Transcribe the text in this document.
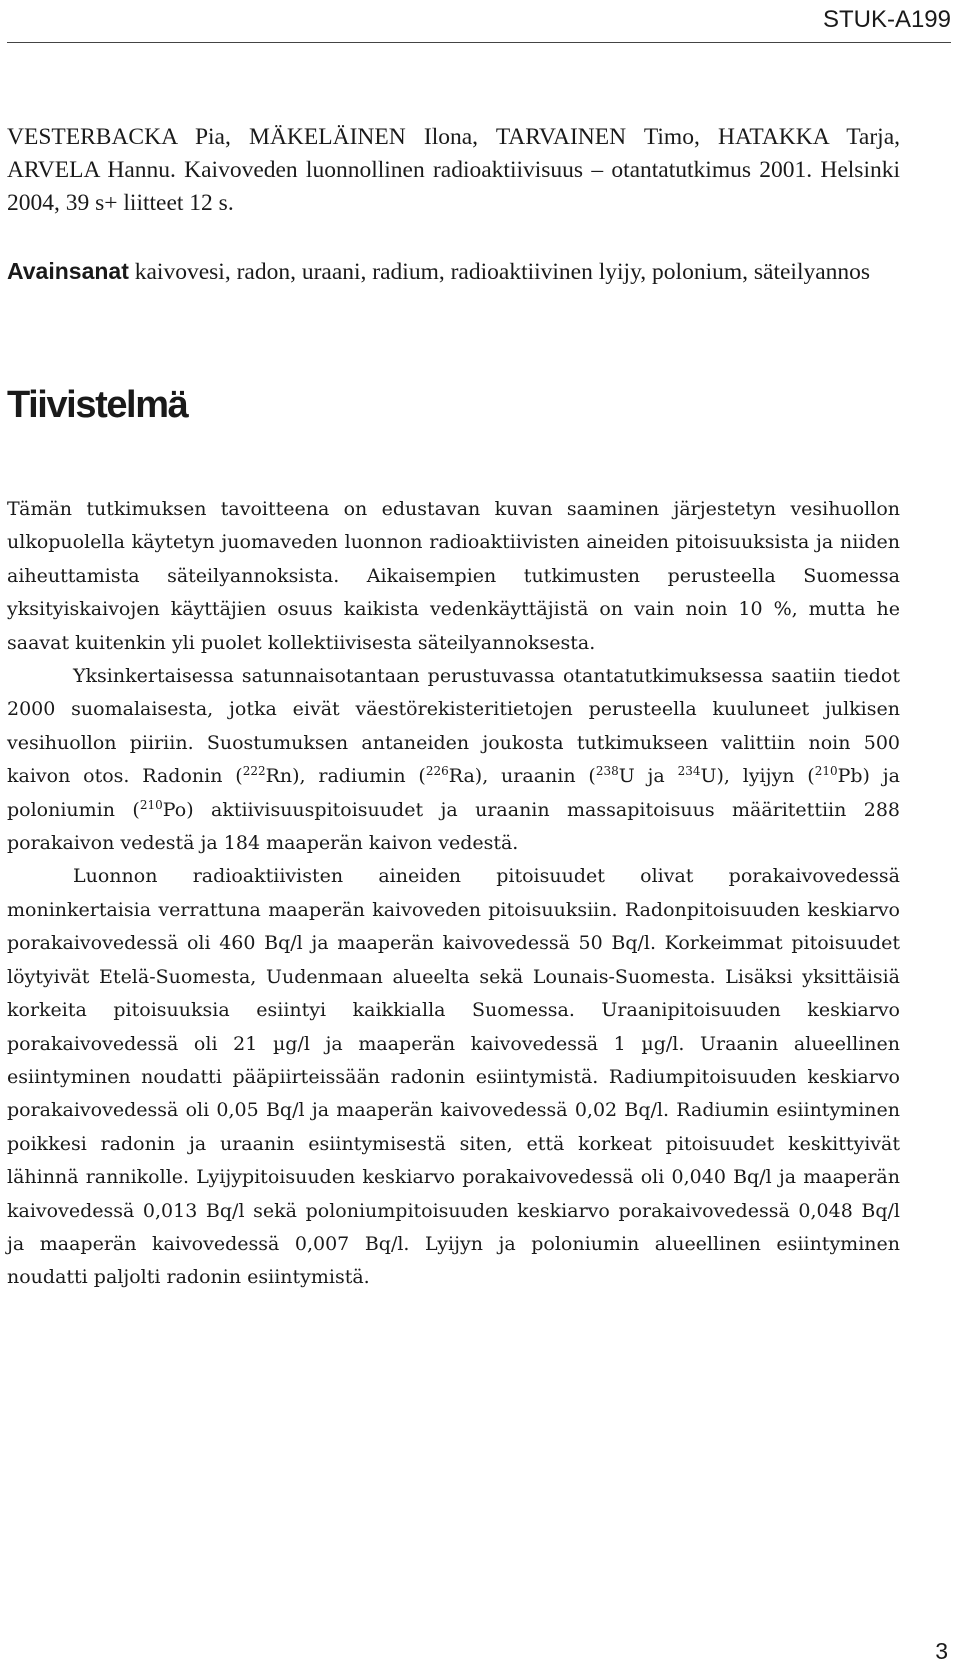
STUK-A199

VESTERBACKA Pia, MÄKELÄINEN Ilona, TARVAINEN Timo, HATAKKA Tarja, ARVELA Hannu. Kaivoveden luonnollinen radioaktiivisuus – otantatutkimus 2001. Helsinki 2004, 39 s+ liitteet 12 s.

Avainsanat kaivovesi, radon, uraani, radium, radioaktiivinen lyijy, polonium, säteilyannos

Tiivistelmä

Tämän tutkimuksen tavoitteena on edustavan kuvan saaminen järjestetyn vesihuollon ulkopuolella käytetyn juomaveden luonnon radioaktiivisten aineiden pitoisuuksista ja niiden aiheuttamista säteilyannoksista. Aikaisempien tutkimusten perusteella Suomessa yksityiskaivojen käyttäjien osuus kaikista vedenkäyttäjistä on vain noin 10 %, mutta he saavat kuitenkin yli puolet kollektiivisesta säteilyannoksesta.

Yksinkertaisessa satunnaisotantaan perustuvassa otantatutkimuksessa saatiin tiedot 2000 suomalaisesta, jotka eivät väestörekisteritietojen perusteella kuuluneet julkisen vesihuollon piiriin. Suostumuksen antaneiden joukosta tutkimukseen valittiin noin 500 kaivon otos. Radonin ($^{222}$Rn), radiumin ($^{226}$Ra), uraanin ($^{238}$U ja $^{234}$U), lyijyn ($^{210}$Pb) ja poloniumin ($^{210}$Po) aktiivisuuspitoisuudet ja uraanin massapitoisuus määritettiin 288 porakaivon vedestä ja 184 maaperän kaivon vedestä.

Luonnon radioaktiivisten aineiden pitoisuudet olivat porakaivovedessä moninkertaisia verrattuna maaperän kaivoveden pitoisuuksiin. Radonpitoisuuden keskiarvo porakaivovedessä oli 460 Bq/l ja maaperän kaivovedessä 50 Bq/l. Korkeimmat pitoisuudet löytyivät Etelä-Suomesta, Uudenmaan alueelta sekä Lounais-Suomesta. Lisäksi yksittäisiä korkeita pitoisuuksia esiintyi kaikkialla Suomessa. Uraanipitoisuuden keskiarvo porakaivovedessä oli 21 µg/l ja maaperän kaivovedessä 1 µg/l. Uraanin alueellinen esiintyminen noudatti pääpiirteissään radonin esiintymistä. Radiumpitoisuuden keskiarvo porakaivovedessä oli 0,05 Bq/l ja maaperän kaivovedessä 0,02 Bq/l. Radiumin esiintyminen poikkesi radonin ja uraanin esiintymisestä siten, että korkeat pitoisuudet keskittyivät lähinnä rannikolle. Lyijypitoisuuden keskiarvo porakaivovedessä oli 0,040 Bq/l ja maaperän kaivovedessä 0,013 Bq/l sekä poloniumpitoisuuden keskiarvo porakaivovedessä 0,048 Bq/l ja maaperän kaivovedessä 0,007 Bq/l. Lyijyn ja poloniumin alueellinen esiintyminen noudatti paljolti radonin esiintymistä.

3
